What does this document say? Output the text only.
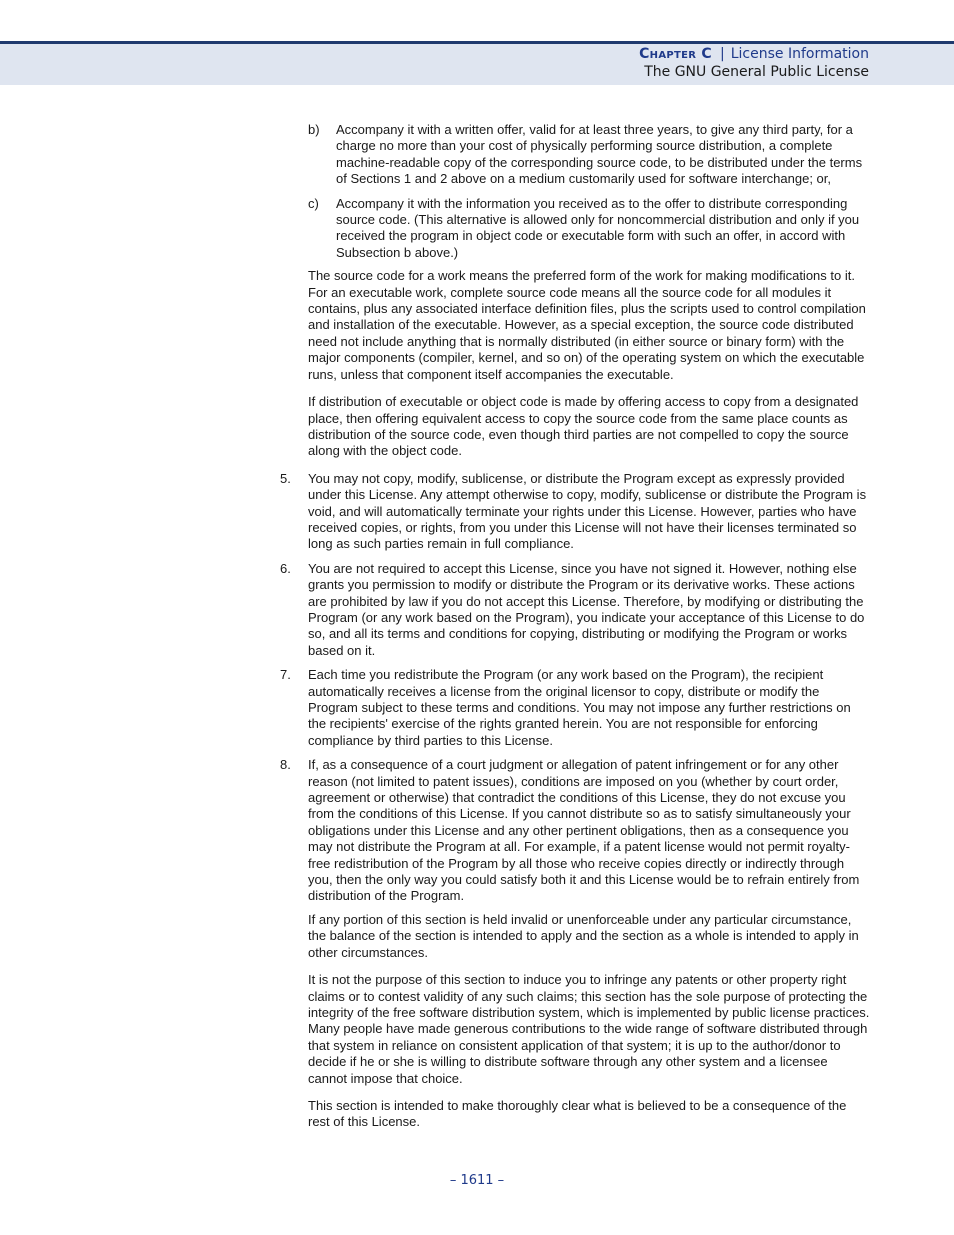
Chapter C | License Information
The GNU General Public License
b) Accompany it with a written offer, valid for at least three years, to give any third party, for a charge no more than your cost of physically performing source distribution, a complete machine-readable copy of the corresponding source code, to be distributed under the terms of Sections 1 and 2 above on a medium customarily used for software interchange; or,
c) Accompany it with the information you received as to the offer to distribute corresponding source code. (This alternative is allowed only for noncommercial distribution and only if you received the program in object code or executable form with such an offer, in accord with Subsection b above.)

The source code for a work means the preferred form of the work for making modifications to it. For an executable work, complete source code means all the source code for all modules it contains, plus any associated interface definition files, plus the scripts used to control compilation and installation of the executable. However, as a special exception, the source code distributed need not include anything that is normally distributed (in either source or binary form) with the major components (compiler, kernel, and so on) of the operating system on which the executable runs, unless that component itself accompanies the executable.

If distribution of executable or object code is made by offering access to copy from a designated place, then offering equivalent access to copy the source code from the same place counts as distribution of the source code, even though third parties are not compelled to copy the source along with the object code.

5. You may not copy, modify, sublicense, or distribute the Program except as expressly provided under this License. Any attempt otherwise to copy, modify, sublicense or distribute the Program is void, and will automatically terminate your rights under this License. However, parties who have received copies, or rights, from you under this License will not have their licenses terminated so long as such parties remain in full compliance.
6. You are not required to accept this License, since you have not signed it. However, nothing else grants you permission to modify or distribute the Program or its derivative works. These actions are prohibited by law if you do not accept this License. Therefore, by modifying or distributing the Program (or any work based on the Program), you indicate your acceptance of this License to do so, and all its terms and conditions for copying, distributing or modifying the Program or works based on it.
7. Each time you redistribute the Program (or any work based on the Program), the recipient automatically receives a license from the original licensor to copy, distribute or modify the Program subject to these terms and conditions. You may not impose any further restrictions on the recipients' exercise of the rights granted herein. You are not responsible for enforcing compliance by third parties to this License.
8. If, as a consequence of a court judgment or allegation of patent infringement or for any other reason (not limited to patent issues), conditions are imposed on you (whether by court order, agreement or otherwise) that contradict the conditions of this License, they do not excuse you from the conditions of this License. If you cannot distribute so as to satisfy simultaneously your obligations under this License and any other pertinent obligations, then as a consequence you may not distribute the Program at all. For example, if a patent license would not permit royalty-free redistribution of the Program by all those who receive copies directly or indirectly through you, then the only way you could satisfy both it and this License would be to refrain entirely from distribution of the Program.

If any portion of this section is held invalid or unenforceable under any particular circumstance, the balance of the section is intended to apply and the section as a whole is intended to apply in other circumstances.

It is not the purpose of this section to induce you to infringe any patents or other property right claims or to contest validity of any such claims; this section has the sole purpose of protecting the integrity of the free software distribution system, which is implemented by public license practices. Many people have made generous contributions to the wide range of software distributed through that system in reliance on consistent application of that system; it is up to the author/donor to decide if he or she is willing to distribute software through any other system and a licensee cannot impose that choice.

This section is intended to make thoroughly clear what is believed to be a consequence of the rest of this License.

– 1611 –
